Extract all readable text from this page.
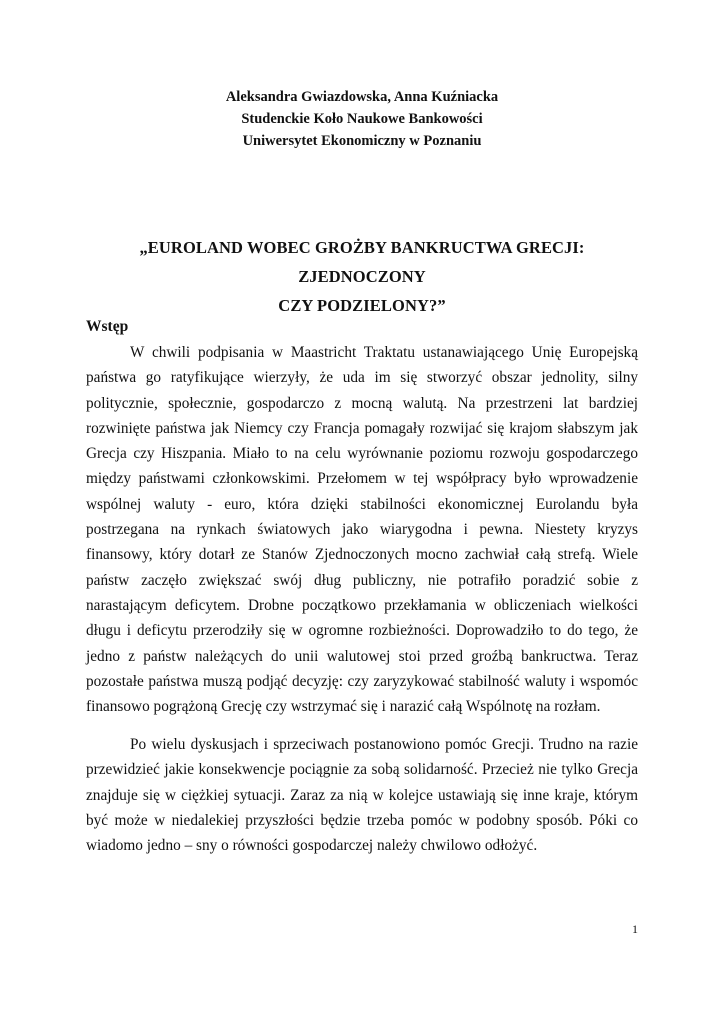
Aleksandra Gwiazdowska, Anna Kuźniacka
Studenckie Koło Naukowe Bankowości
Uniwersytet Ekonomiczny w Poznaniu
„EUROLAND WOBEC GROŻBY BANKRUCTWA GRECJI: ZJEDNOCZONY
CZY PODZIELONY?”
Wstęp

W chwili podpisania w Maastricht Traktatu ustanawiającego Unię Europejską państwa go ratyfikujące wierzyły, że uda im się stworzyć obszar jednolity, silny politycznie, społecznie, gospodarczo z mocną walutą. Na przestrzeni lat bardziej rozwinięte państwa jak Niemcy czy Francja pomagały rozwijać się krajom słabszym jak Grecja czy Hiszpania. Miało to na celu wyrównanie poziomu rozwoju gospodarczego między państwami członkowskimi. Przełomem w tej współpracy było wprowadzenie wspólnej waluty - euro, która dzięki stabilności ekonomicznej Eurolandu była postrzegana na rynkach światowych jako wiarygodna i pewna. Niestety kryzys finansowy, który dotarł ze Stanów Zjednoczonych mocno zachwiał całą strefą. Wiele państw zaczęło zwiększać swój dług publiczny, nie potrafiło poradzić sobie z narastającym deficytem. Drobne początkowo przekłamania w obliczeniach wielkości długu i deficytu przerodziły się w ogromne rozbieżności. Doprowadziło to do tego, że jedno z państw należących do unii walutowej stoi przed groźbą bankructwa. Teraz pozostałe państwa muszą podjąć decyzję: czy zaryzykować stabilność waluty i wspomóc finansowo pogrążoną Grecję czy wstrzymać się i narazić całą Wspólnotę na rozłam.

Po wielu dyskusjach i sprzeciwach postanowiono pomóc Grecji. Trudno na razie przewidzieć jakie konsekwencje pociągnie za sobą solidarność. Przecież nie tylko Grecja znajduje się w ciężkiej sytuacji. Zaraz za nią w kolejce ustawiają się inne kraje, którym być może w niedalekiej przyszłości będzie trzeba pomóc w podobny sposób. Póki co wiadomo jedno – sny o równości gospodarczej należy chwilowo odłożyć.

1
